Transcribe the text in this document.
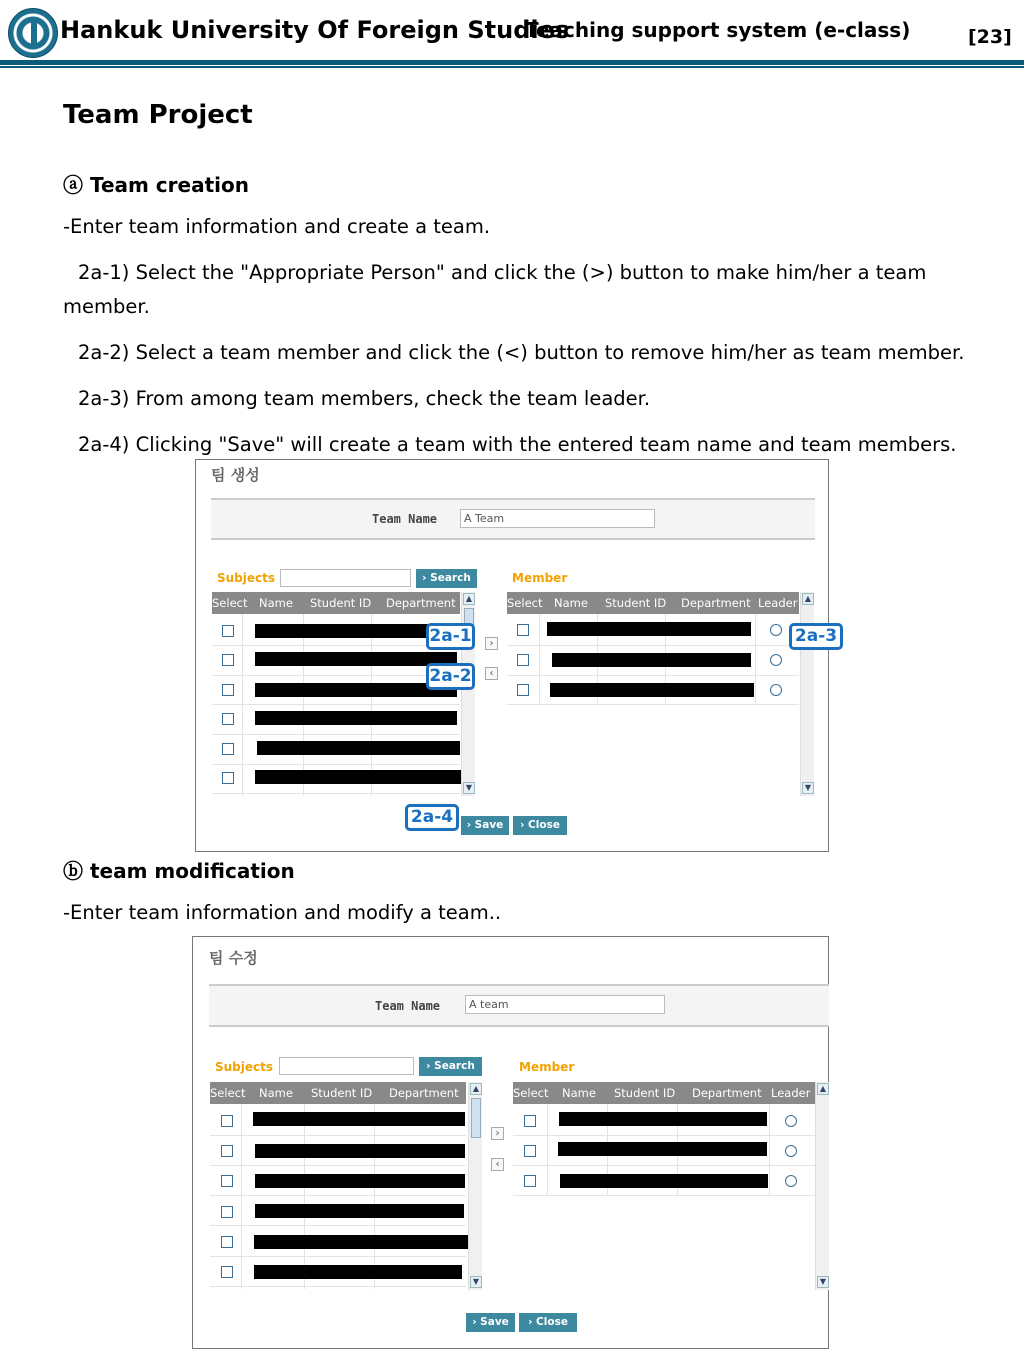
Hankuk University Of Foreign Studies
Teaching support system (e-class)	[23]
Team Project
ⓐ Team creation
-Enter team information and create a team.
2a-1) Select the "Appropriate Person" and click the (>) button to make him/her a team
member.
2a-2) Select a team member and click the (<) button to remove him/her as team member.
2a-3) From among team members, check the team leader.
2a-4) Clicking "Save" will create a team with the entered team name and team members.
팀 생성
Team Name	A Team
Subjects	› Search	Member
Select Name Student ID Department	▲
▼
›
‹
Select Name Student ID Department Leader ▲
▼
› Save	› Close
2a-1
2a-2
2a-3
2a-4
ⓑ team modification
-Enter team information and modify a team..
팀 수정
Team Name	A team
Subjects	› Search	Member
Select Name Student ID Department	▲
▼
›
‹
Select Name Student ID Department Leader	▲
▼
› Save	› Close
